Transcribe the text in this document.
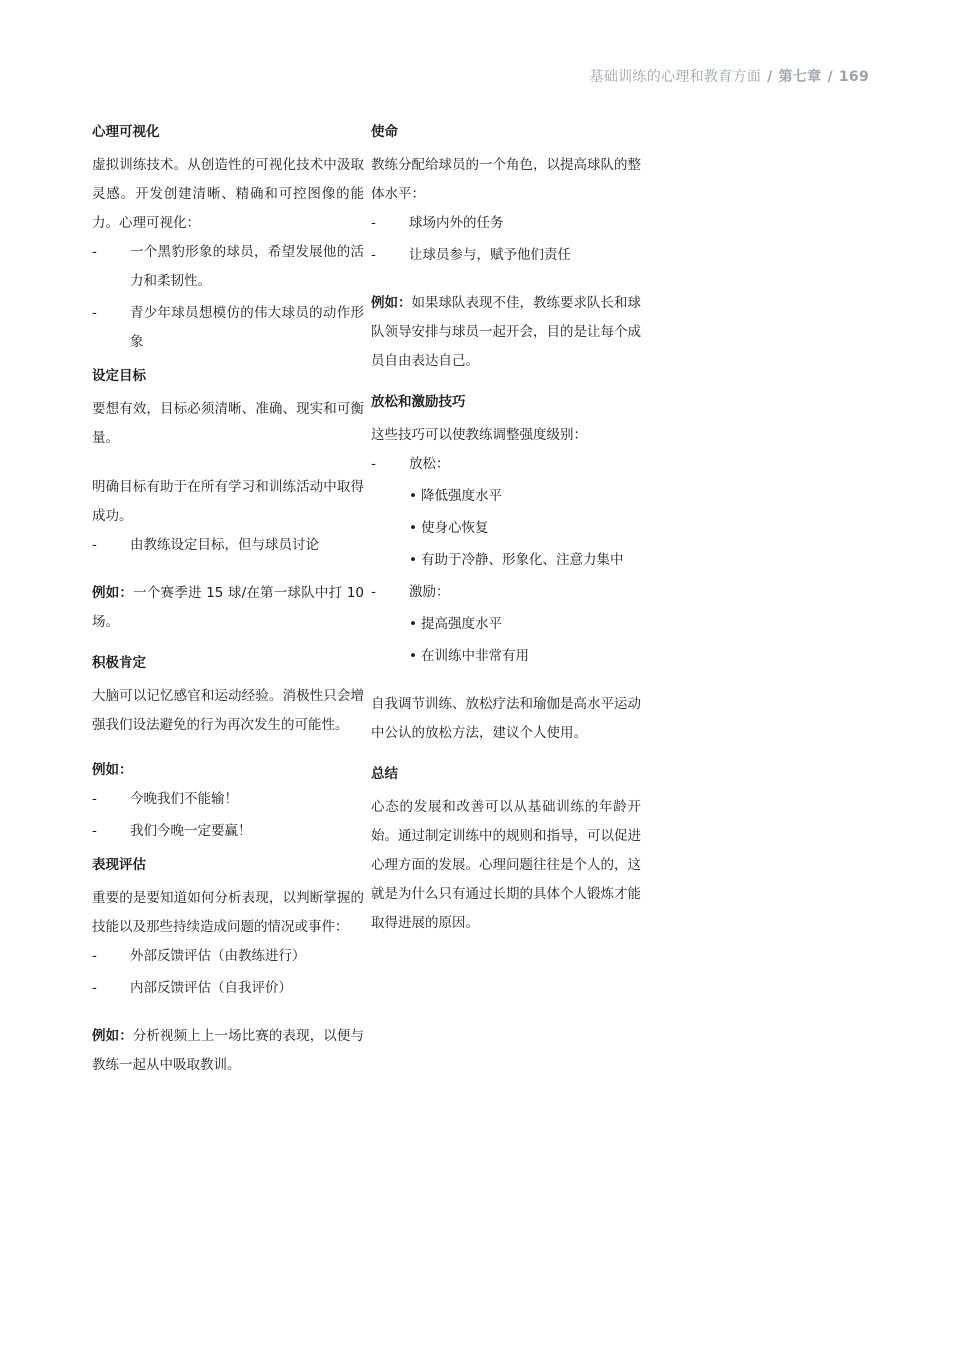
基础训练的心理和教育方面 / 第七章 / 169
心理可视化

虚拟训练技术。从创造性的可视化技术中汲取灵感。开发创建清晰、精确和可控图像的能力。心理可视化：

-	一个黑豹形象的球员，希望发展他的活力和柔韧性。
-	青少年球员想模仿的伟大球员的动作形象
设定目标

要想有效，目标必须清晰、准确、现实和可衡量。

明确目标有助于在所有学习和训练活动中取得成功。

-	由教练设定目标，但与球员讨论

例如：一个赛季进 15 球/在第一球队中打 10 场。

积极肯定

大脑可以记忆感官和运动经验。消极性只会增强我们设法避免的行为再次发生的可能性。

例如：

-	今晚我们不能输！
-	我们今晚一定要赢！
表现评估

重要的是要知道如何分析表现，以判断掌握的技能以及那些持续造成问题的情况或事件：

-	外部反馈评估（由教练进行）
-	内部反馈评估（自我评价）

例如：分析视频上上一场比赛的表现，以便与教练一起从中吸取教训。

使命

教练分配给球员的一个角色，以提高球队的整体水平：

-	球场内外的任务
-	让球员参与，赋予他们责任

例如：如果球队表现不佳，教练要求队长和球队领导安排与球员一起开会，目的是让每个成员自由表达自己。

放松和激励技巧

这些技巧可以使教练调整强度级别：

-	放松：
• 降低强度水平
• 使身心恢复
• 有助于冷静、形象化、注意力集中
-	激励：
• 提高强度水平
• 在训练中非常有用

自我调节训练、放松疗法和瑜伽是高水平运动中公认的放松方法，建议个人使用。

总结

心态的发展和改善可以从基础训练的年龄开始。通过制定训练中的规则和指导，可以促进心理方面的发展。心理问题往往是个人的，这就是为什么只有通过长期的具体个人锻炼才能取得进展的原因。
